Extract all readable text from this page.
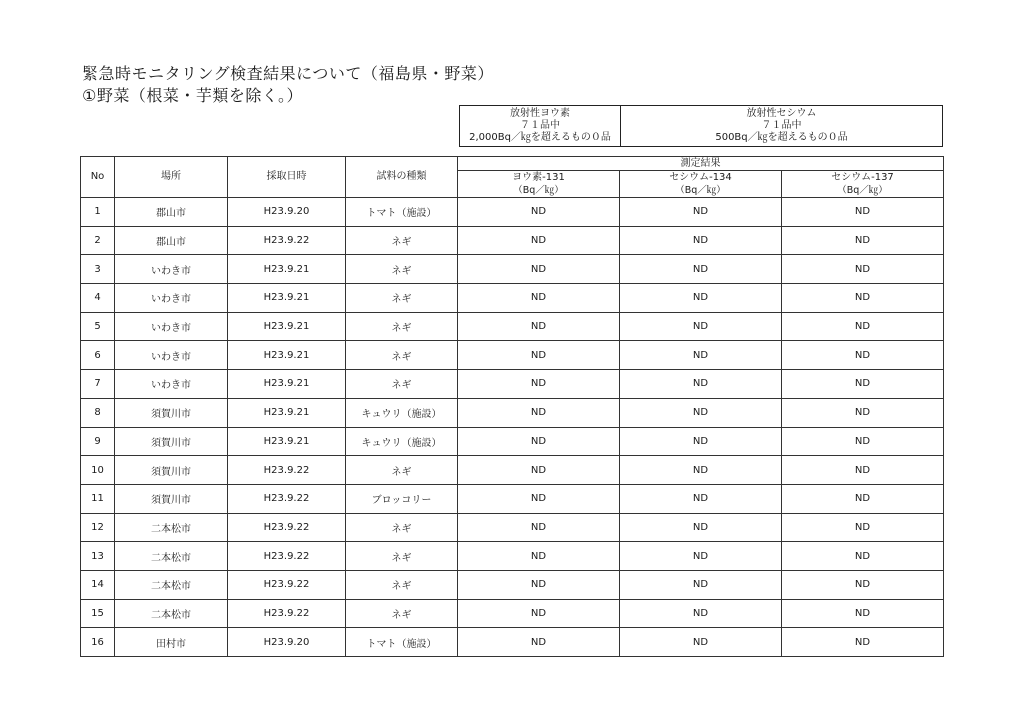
緊急時モニタリング検査結果について（福島県・野菜）
①野菜（根菜・芋類を除く。）
放射性ヨウ素
７１品中
2,000Bq／㎏を超えるもの０品
放射性セシウム
７１品中
500Bq／㎏を超えるもの０品
No	場所	採取日時	試料の種類	測定結果		
				ヨウ素-131	セシウム-134	セシウム-137

				（Bq／㎏）	（Bq／㎏）	（Bq／㎏）

1	郡山市	H23.9.20	トマト（施設）	ND	ND	ND
2	郡山市	H23.9.22	ネギ	ND	ND	ND
3	いわき市	H23.9.21	ネギ	ND	ND	ND
4	いわき市	H23.9.21	ネギ	ND	ND	ND
5	いわき市	H23.9.21	ネギ	ND	ND	ND
6	いわき市	H23.9.21	ネギ	ND	ND	ND
7	いわき市	H23.9.21	ネギ	ND	ND	ND
8	須賀川市	H23.9.21	キュウリ（施設）	ND	ND	ND
9	須賀川市	H23.9.21	キュウリ（施設）	ND	ND	ND
10	須賀川市	H23.9.22	ネギ	ND	ND	ND
11	須賀川市	H23.9.22	ブロッコリー	ND	ND	ND
12	二本松市	H23.9.22	ネギ	ND	ND	ND
13	二本松市	H23.9.22	ネギ	ND	ND	ND
14	二本松市	H23.9.22	ネギ	ND	ND	ND
15	二本松市	H23.9.22	ネギ	ND	ND	ND
16	田村市	H23.9.20	トマト（施設）	ND	ND	ND
